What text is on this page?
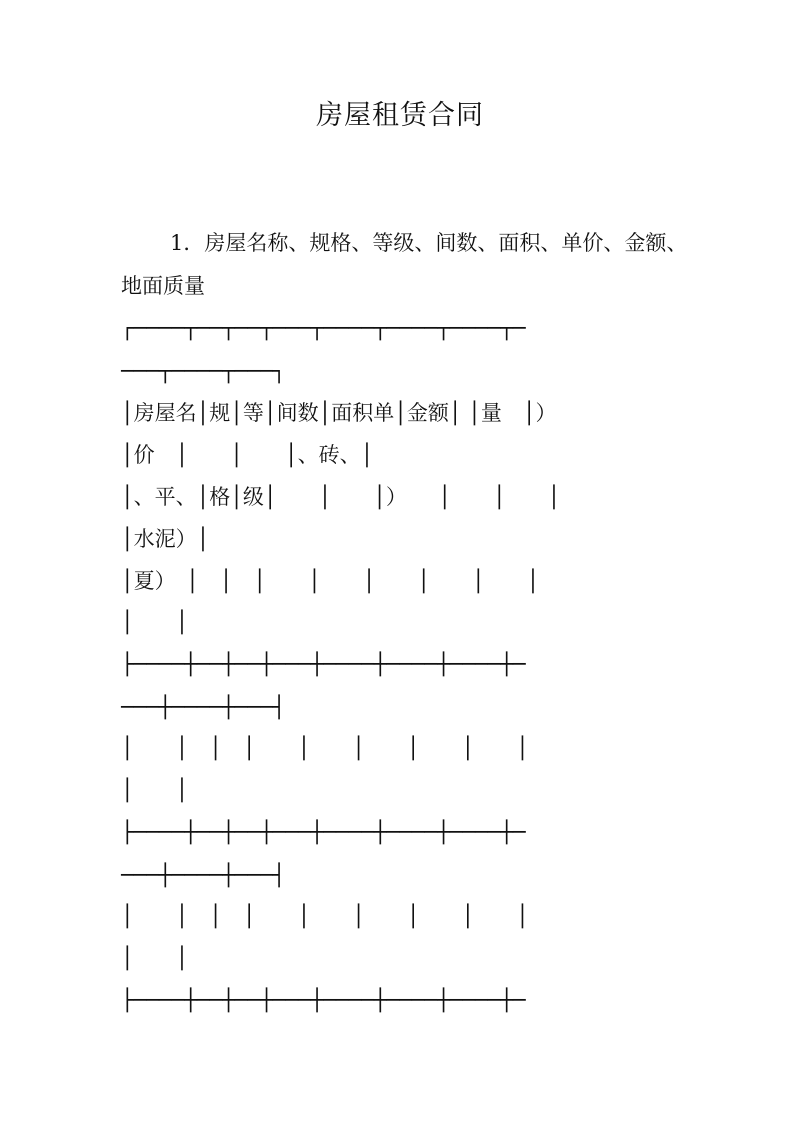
房屋租赁合同
1．房屋名称、规格、等级、间数、面积、单价、金额、
地面质量
┌────┬──┬──┬───┬────┬────┬────┬─
───┬────┬───┐
│房屋名│规│等│间数│面积单│金额│ │量　│）
│价　│　　│　　│、砖、│
│、平、│格│级│　　│　　│）　　│　　│　　│
│水泥）│
│夏）　│　│　│　　│　　│　　│　　│　　│
│　　│
├────┼──┼──┼───┼────┼────┼────┼─
───┼────┼───┤
│　　│　│　│　　│　　│　　│　　│　　│
│　　│
├────┼──┼──┼───┼────┼────┼────┼─
───┼────┼───┤
│　　│　│　│　　│　　│　　│　　│　　│
│　　│
├────┼──┼──┼───┼────┼────┼────┼─
